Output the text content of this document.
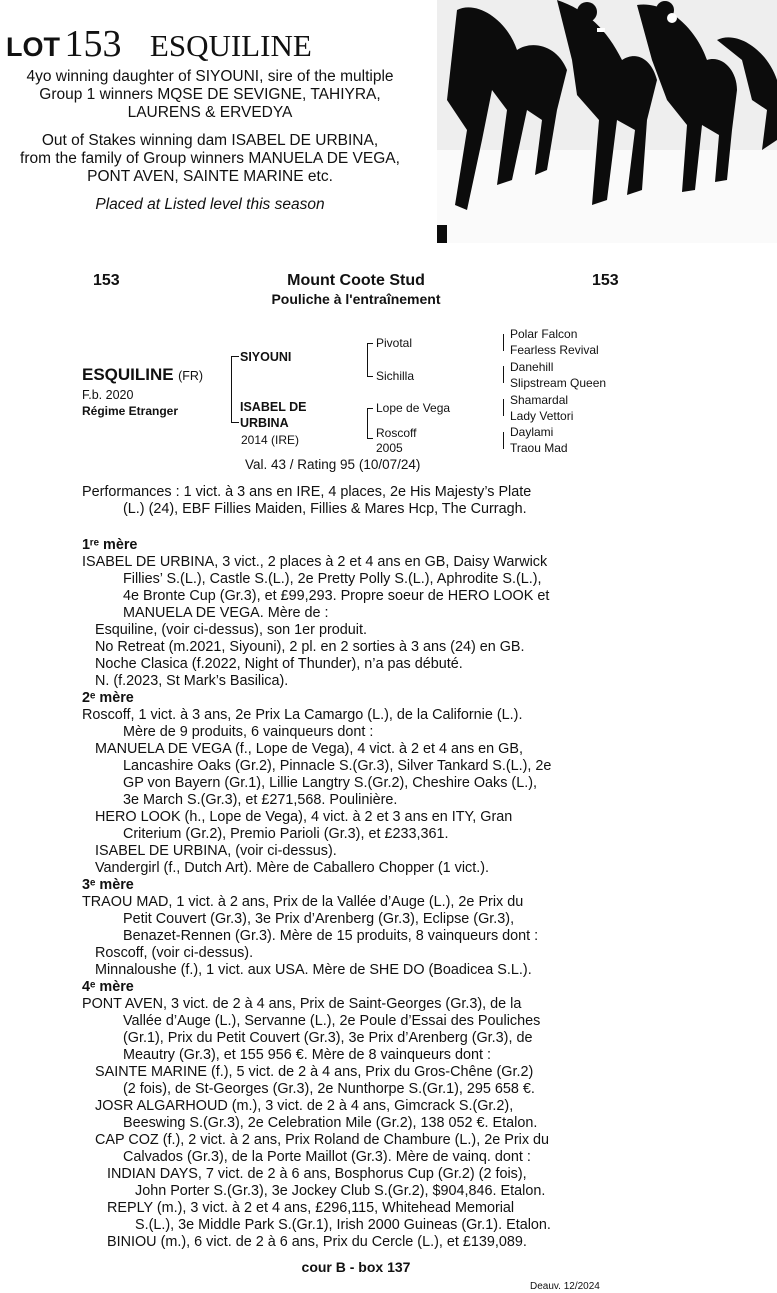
LOT 153 ESQUILINE
4yo winning daughter of SIYOUNI, sire of the multiple
Group 1 winners MQSE DE SEVIGNE, TAHIYRA,
LAURENS & ERVEDYA
Out of Stakes winning dam ISABEL DE URBINA,
from the family of Group winners MANUELA DE VEGA,
PONT AVEN, SAINTE MARINE etc.
Placed at Listed level this season
153	153
Mount Coote Stud
Pouliche à l'entraînement
ESQUILINE (FR)
F.b. 2020
Régime Etranger
SIYOUNI
ISABEL DE
URBINA
2014 (IRE)
Pivotal
Sichilla
Lope de Vega
Roscoff
2005
Polar Falcon
Fearless Revival
Danehill
Slipstream Queen
Shamardal
Lady Vettori
Daylami
Traou Mad
Val. 43 / Rating 95 (10/07/24)
Performances : 1 vict. à 3 ans en IRE, 4 places, 2e His Majesty’s Plate
(L.) (24), EBF Fillies Maiden, Fillies & Mares Hcp, The Curragh.
1ʳᵉ mère
ISABEL DE URBINA, 3 vict., 2 places à 2 et 4 ans en GB, Daisy Warwick
Fillies’ S.(L.), Castle S.(L.), 2e Pretty Polly S.(L.), Aphrodite S.(L.),
4e Bronte Cup (Gr.3), et £99,293. Propre soeur de HERO LOOK et
MANUELA DE VEGA. Mère de :
Esquiline, (voir ci-dessus), son 1er produit.
No Retreat (m.2021, Siyouni), 2 pl. en 2 sorties à 3 ans (24) en GB.
Noche Clasica (f.2022, Night of Thunder), n’a pas débuté.
N. (f.2023, St Mark’s Basilica).
2ᵉ mère
Roscoff, 1 vict. à 3 ans, 2e Prix La Camargo (L.), de la Californie (L.).
Mère de 9 produits, 6 vainqueurs dont :
MANUELA DE VEGA (f., Lope de Vega), 4 vict. à 2 et 4 ans en GB,
Lancashire Oaks (Gr.2), Pinnacle S.(Gr.3), Silver Tankard S.(L.), 2e
GP von Bayern (Gr.1), Lillie Langtry S.(Gr.2), Cheshire Oaks (L.),
3e March S.(Gr.3), et £271,568. Poulinière.
HERO LOOK (h., Lope de Vega), 4 vict. à 2 et 3 ans en ITY, Gran
Criterium (Gr.2), Premio Parioli (Gr.3), et £233,361.
ISABEL DE URBINA, (voir ci-dessus).
Vandergirl (f., Dutch Art). Mère de Caballero Chopper (1 vict.).
3ᵉ mère
TRAOU MAD, 1 vict. à 2 ans, Prix de la Vallée d’Auge (L.), 2e Prix du
Petit Couvert (Gr.3), 3e Prix d’Arenberg (Gr.3), Eclipse (Gr.3),
Benazet-Rennen (Gr.3). Mère de 15 produits, 8 vainqueurs dont :
Roscoff, (voir ci-dessus).
Minnaloushe (f.), 1 vict. aux USA. Mère de SHE DO (Boadicea S.L.).
4ᵉ mère
PONT AVEN, 3 vict. de 2 à 4 ans, Prix de Saint-Georges (Gr.3), de la
Vallée d’Auge (L.), Servanne (L.), 2e Poule d’Essai des Pouliches
(Gr.1), Prix du Petit Couvert (Gr.3), 3e Prix d’Arenberg (Gr.3), de
Meautry (Gr.3), et 155 956 €. Mère de 8 vainqueurs dont :
SAINTE MARINE (f.), 5 vict. de 2 à 4 ans, Prix du Gros-Chêne (Gr.2)
(2 fois), de St-Georges (Gr.3), 2e Nunthorpe S.(Gr.1), 295 658 €.
JOSR ALGARHOUD (m.), 3 vict. de 2 à 4 ans, Gimcrack S.(Gr.2),
Beeswing S.(Gr.3), 2e Celebration Mile (Gr.2), 138 052 €. Etalon.
CAP COZ (f.), 2 vict. à 2 ans, Prix Roland de Chambure (L.), 2e Prix du
Calvados (Gr.3), de la Porte Maillot (Gr.3). Mère de vainq. dont :
INDIAN DAYS, 7 vict. de 2 à 6 ans, Bosphorus Cup (Gr.2) (2 fois),
John Porter S.(Gr.3), 3e Jockey Club S.(Gr.2), $904,846. Etalon.
REPLY (m.), 3 vict. à 2 et 4 ans, £296,115, Whitehead Memorial
S.(L.), 3e Middle Park S.(Gr.1), Irish 2000 Guineas (Gr.1). Etalon.
BINIOU (m.), 6 vict. de 2 à 6 ans, Prix du Cercle (L.), et £139,089.
cour B - box 137
Deauv. 12/2024
